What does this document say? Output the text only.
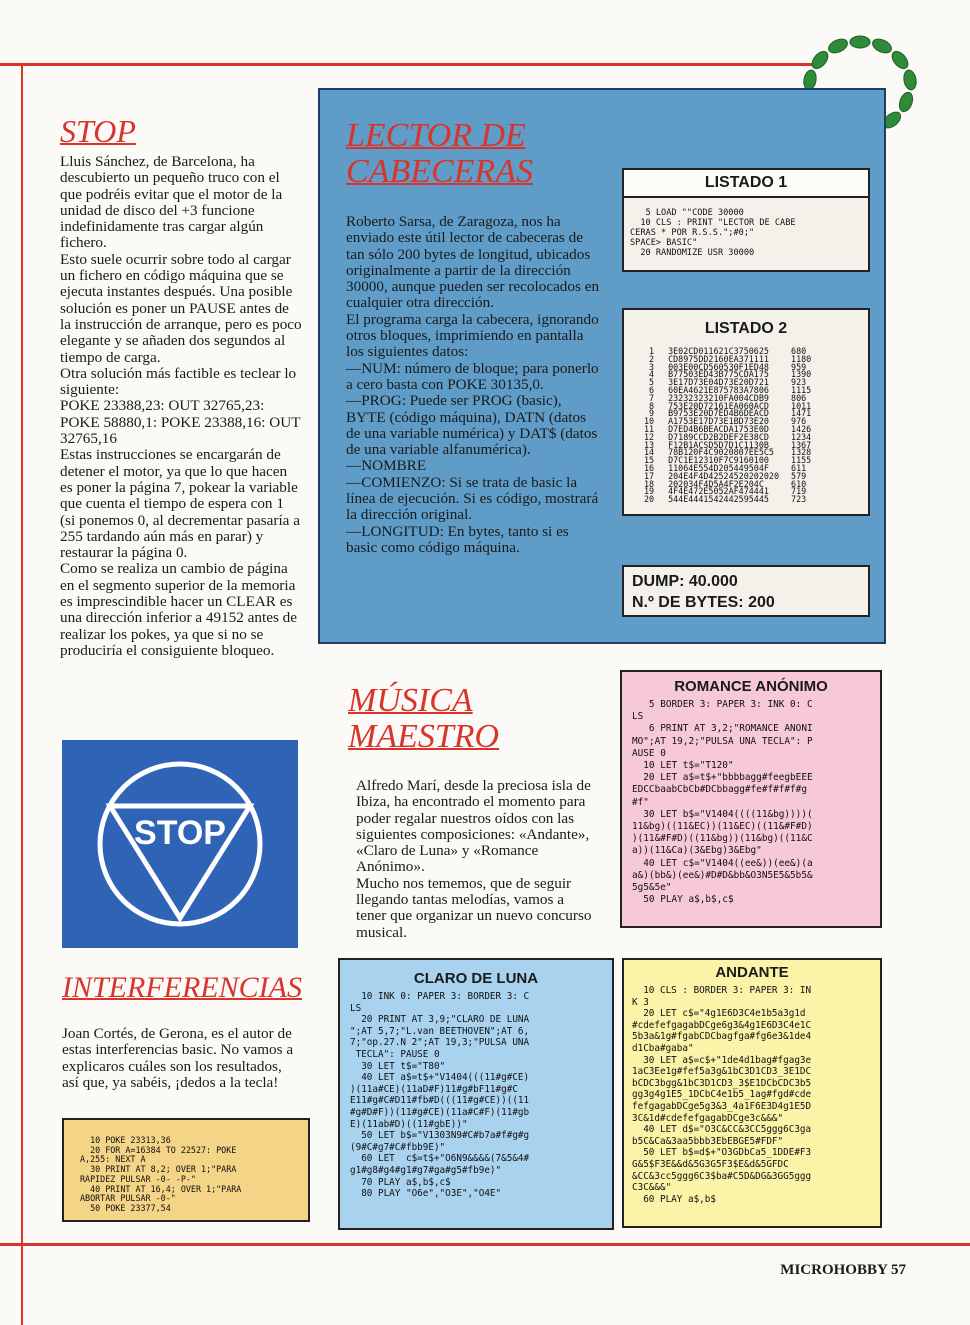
STOP

Lluis Sánchez, de Barcelona, ha descubierto un pequeño truco con el que podréis evitar que el motor de la unidad de disco del +3 funcione indefinidamente tras cargar algún fichero.
Esto suele ocurrir sobre todo al cargar un fichero en código máquina que se ejecuta instantes después. Una posible solución es poner un PAUSE antes de la instrucción de arranque, pero es poco elegante y se añaden dos segundos al tiempo de carga.
Otra solución más factible es teclear lo siguiente:
POKE 23388,23: OUT 32765,23: POKE 58880,1: POKE 23388,16: OUT 32765,16
Estas instrucciones se encargarán de detener el motor, ya que lo que hacen es poner la página 7, pokear la variable que cuenta el tiempo de espera con 1 (si ponemos 0, al decrementar pasaría a 255 tardando aún más en parar) y restaurar la página 0.
Como se realiza un cambio de página en el segmento superior de la memoria es imprescindible hacer un CLEAR es una dirección inferior a 49152 antes de realizar los pokes, ya que si no se produciría el consiguiente bloqueo.

STOP
LECTOR DE
CABECERAS

Roberto Sarsa, de Zaragoza, nos ha enviado este útil lector de cabeceras de tan sólo 200 bytes de longitud, ubicados originalmente a partir de la dirección 30000, aunque pueden ser recolocados en cualquier otra dirección.
El programa carga la cabecera, ignorando otros bloques, imprimiendo en pantalla los siguientes datos:
—NUM: número de bloque; para ponerlo a cero basta con POKE 30135,0.
—PROG: Puede ser PROG (basic), BYTE (código máquina), DATN (datos de una variable numérica) y DAT$ (datos de una variable alfanumérica).
—NOMBRE
—COMIENZO: Si se trata de basic la línea de ejecución. Si es código, mostrará la dirección original.
—LONGITUD: En bytes, tanto si es basic como código máquina.

LISTADO 1
5 LOAD ""CODE 30000
10 CLS : PRINT "LECTOR DE CABE
CERAS * POR R.S.S.";#0;"
SPACE> BASIC"
20 RANDOMIZE USR 30000
LISTADO 2
1	3E02CD011621C3750625	680
2	CD8975DD2160EA371111	1180
3	003E00CD560530F1ED48	959
4	B77503ED43B775CDA175	1390
5	3E17D73E04D73E20D721	923
6	60EA4621E875783A7806	1115
7	23232323210FA004CDB9	806
8	753E20D72161EA060ACD	1011
9	B9753E20D7ED4B6DEACD	1471
10	A1753E17D73E1BD73E20	976
11	D7ED4B6BEACDA1753E0D	1426
12	D7189CCD2B2DEF2E38CD	1234
13	F12B1ACSD5D7D1C1130B	1367
14	78B120F4C9020807EE5C5	1328
15	D7C1E12310F7C9160100	1155
16	11064E554D205449504F	611
17	204E4F4D42524520202020	579
18	202034F4D5A4F2E204C	610
19	4F4E472E5052AF474441	719
20	544E4441542442595445	723
DUMP: 40.000
N.º DE BYTES: 200
MÚSICA
MAESTRO

Alfredo Marí, desde la preciosa isla de Ibiza, ha encontrado el momento para poder regalar nuestros oídos con las siguientes composiciones: «Andante», «Claro de Luna» y «Romance Anónimo».
Mucho nos tememos, que de seguir llegando tantas melodías, vamos a tener que organizar un nuevo concurso musical.

ROMANCE ANÓNIMO
5 BORDER 3: PAPER 3: INK 0: C
LS
6 PRINT AT 3,2;"ROMANCE ANONI
MO";AT 19,2;"PULSA UNA TECLA": P
AUSE 0
10 LET t$="T120"
20 LET a$=t$+"bbbbagg#feegbEEE
EDCCbaabCbCb#DCbbagg#fe#f#f#f#g
#f"
30 LET b$="V1404((((11&bg))))(
11&bg)((11&EC))(11&EC)((11&#F#D)
)(11&#F#D)((11&bg))(11&bg)((11&C
a))(11&Ca)(3&Ebg)3&Ebg"
40 LET c$="V1404((ee&))(ee&)(a
a&)(bb&)(ee&)#D#D&bb&O3N5E5&5b5&
5g5&5e"
50 PLAY a$,b$,c$
INTERFERENCIAS

Joan Cortés, de Gerona, es el autor de estas interferencias basic. No vamos a explicaros cuáles son los resultados, así que, ya sabéis, ¡dedos a la tecla!

10 POKE 23313,36
20 FOR A=16384 TO 22527: POKE
A,255: NEXT A
30 PRINT AT 8,2; OVER 1;"PARA
RAPIDEZ PULSAR -0- -P-"
40 PRINT AT 16,4; OVER 1;"PARA
ABORTAR PULSAR -0-"
50 POKE 23377,54
CLARO DE LUNA
10 INK 0: PAPER 3: BORDER 3: C
LS
20 PRINT AT 3,9;"CLARO DE LUNA
";AT 5,7;"L.van BEETHOVEN";AT 6,
7;"op.27.N 2";AT 19,3;"PULSA UNA
TECLA": PAUSE 0
30 LET t$="T80"
40 LET a$=t$+"V1404(((11#g#CE)
)(11a#CE)(11aD#F)11#g#bF11#g#C
E11#g#C#D11#fb#D(((11#g#CE))((11
#g#D#F))(11#g#CE)(11a#C#F)(11#gb
E)(11ab#D)((11#gbE))"
50 LET b$="V1303N9#C#b7a#f#g#g
(9#C#g7#C#fbb9E)"
60 LET  c$=t$+"O6N9&&&&(7&5&4#
g1#g8#g4#g1#g7#ga#g5#fb9e)"
70 PLAY a$,b$,c$
80 PLAY "O6e","O3E","O4E"
ANDANTE
10 CLS : BORDER 3: PAPER 3: IN
K 3
20 LET c$="4g1E6D3C4e1b5a3g1d
#cdefefgagabDCge6g3&4g1E6D3C4e1C
5b3a&1g#fgabCDCbagfga#fg6e3&1de4
d1Cba#gaba"
30 LET a$=c$+"1de4d1bag#fgag3e
1aC3Ee1g#fef5a3g&1bC3D1CD3_3E1DC
bCDC3bgg&1bC3D1CD3_3$E1DCbCDC3b5
gg3g4g1E5_1DCbC4e1b5_1ag#fgd#cde
fefgagabDCge5g3&3_4a1F6E3D4g1E5D
3C&1d#cdefefgagabDCge3c&&&"
40 LET d$="O3C&CC&3CC5ggg6C3ga
b5C&Ca&3aa5bbb3EbEBGE5#FDF"
50 LET b$=d$+"O3GDbCa5_1DDE#F3
G&5$F3E&&d&5G3G5F3$E&d&5GFDC
&CC&3cc5ggg6C3$ba#C5D&DG&3GG5ggg
C3C&&&"
60 PLAY a$,b$
MICROHOBBY 57
